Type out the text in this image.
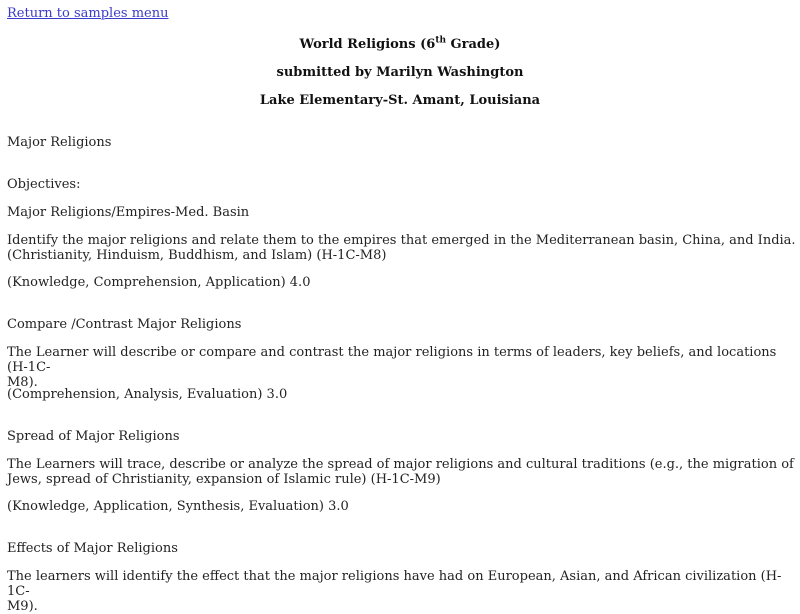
Return to samples menu
World Religions (6th Grade)
submitted by Marilyn Washington
Lake Elementary-St. Amant, Louisiana
Major Religions
Objectives:
Major Religions/Empires-Med. Basin
Identify the major religions and relate them to the empires that emerged in the Mediterranean basin, China, and India.
(Christianity, Hinduism, Buddhism, and Islam) (H-1C-M8)
(Knowledge, Comprehension, Application) 4.0
Compare /Contrast Major Religions
The Learner will describe or compare and contrast the major religions in terms of leaders, key beliefs, and locations (H-1C-
M8).
(Comprehension, Analysis, Evaluation) 3.0
Spread of Major Religions
The Learners will trace, describe or analyze the spread of major religions and cultural traditions (e.g., the migration of
Jews, spread of Christianity, expansion of Islamic rule) (H-1C-M9)
(Knowledge, Application, Synthesis, Evaluation) 3.0
Effects of Major Religions
The learners will identify the effect that the major religions have had on European, Asian, and African civilization (H-1C-
M9).
